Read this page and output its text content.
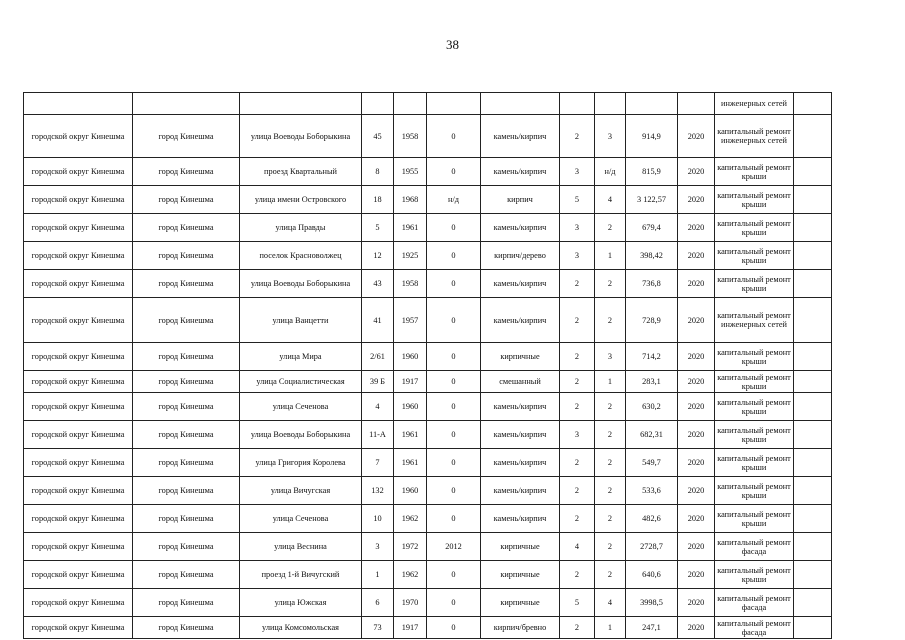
38
											инженерных сетей		
городской округ Кинешма	город Кинешма	улица Воеводы Боборыкина	45	1958	0	камень/кирпич	2	3	914,9	2020	капитальный ремонт инженерных сетей		
городской округ Кинешма	город Кинешма	проезд Квартальный	8	1955	0	камень/кирпич	3	н/д	815,9	2020	капитальный ремонт крыши		
городской округ Кинешма	город Кинешма	улица имени Островского	18	1968	н/д	кирпич	5	4	3 122,57	2020	капитальный ремонт крыши		
городской округ Кинешма	город Кинешма	улица Правды	5	1961	0	камень/кирпич	3	2	679,4	2020	капитальный ремонт крыши		
городской округ Кинешма	город Кинешма	поселок Красноволжец	12	1925	0	кирпич/дерево	3	1	398,42	2020	капитальный ремонт крыши		
городской округ Кинешма	город Кинешма	улица Воеводы Боборыкина	43	1958	0	камень/кирпич	2	2	736,8	2020	капитальный ремонт крыши		
городской округ Кинешма	город Кинешма	улица Ванцетти	41	1957	0	камень/кирпич	2	2	728,9	2020	капитальный ремонт инженерных сетей		
городской округ Кинешма	город Кинешма	улица Мира	2/61	1960	0	кирпичные	2	3	714,2	2020	капитальный ремонт крыши		
городской округ Кинешма	город Кинешма	улица Социалистическая	39 Б	1917	0	смешанный	2	1	283,1	2020	капитальный ремонт крыши		
городской округ Кинешма	город Кинешма	улица Сеченова	4	1960	0	камень/кирпич	2	2	630,2	2020	капитальный ремонт крыши		
городской округ Кинешма	город Кинешма	улица Воеводы Боборыкина	11-А	1961	0	камень/кирпич	3	2	682,31	2020	капитальный ремонт крыши		
городской округ Кинешма	город Кинешма	улица Григория Королева	7	1961	0	камень/кирпич	2	2	549,7	2020	капитальный ремонт крыши		
городской округ Кинешма	город Кинешма	улица Вичугская	132	1960	0	камень/кирпич	2	2	533,6	2020	капитальный ремонт крыши		
городской округ Кинешма	город Кинешма	улица Сеченова	10	1962	0	камень/кирпич	2	2	482,6	2020	капитальный ремонт крыши		
городской округ Кинешма	город Кинешма	улица Веснина	3	1972	2012	кирпичные	4	2	2728,7	2020	капитальный ремонт фасада		
городской округ Кинешма	город Кинешма	проезд 1-й Вичугский	1	1962	0	кирпичные	2	2	640,6	2020	капитальный ремонт крыши		
городской округ Кинешма	город Кинешма	улица Южская	6	1970	0	кирпичные	5	4	3998,5	2020	капитальный ремонт фасада		
городской округ Кинешма	город Кинешма	улица Комсомольская	73	1917	0	кирпич/бревно	2	1	247,1	2020	капитальный ремонт фасада		
